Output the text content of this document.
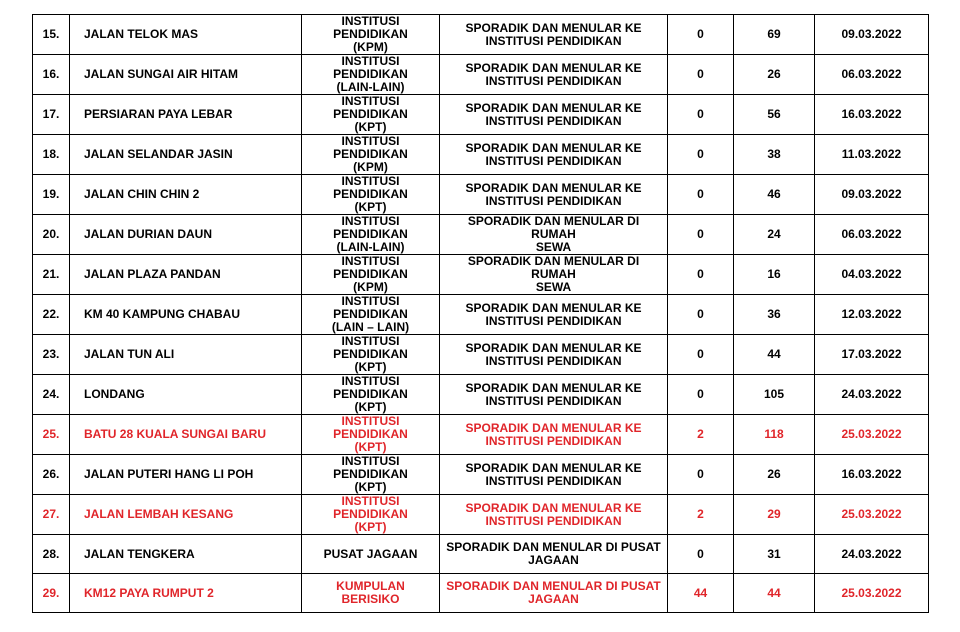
15.	JALAN TELOK MAS	INSTITUSI PENDIDIKAN
(KPM)	SPORADIK DAN MENULAR KE
INSTITUSI PENDIDIKAN	0	69	09.03.2022
16.	JALAN SUNGAI AIR HITAM	INSTITUSI PENDIDIKAN
(LAIN-LAIN)	SPORADIK DAN MENULAR KE
INSTITUSI PENDIDIKAN	0	26	06.03.2022
17.	PERSIARAN PAYA LEBAR	INSTITUSI PENDIDIKAN
(KPT)	SPORADIK DAN MENULAR KE
INSTITUSI PENDIDIKAN	0	56	16.03.2022
18.	JALAN SELANDAR JASIN	INSTITUSI PENDIDIKAN
(KPM)	SPORADIK DAN MENULAR KE
INSTITUSI PENDIDIKAN	0	38	11.03.2022
19.	JALAN CHIN CHIN 2	INSTITUSI PENDIDIKAN
(KPT)	SPORADIK DAN MENULAR KE
INSTITUSI PENDIDIKAN	0	46	09.03.2022
20.	JALAN DURIAN DAUN	INSTITUSI PENDIDIKAN
(LAIN-LAIN)	SPORADIK DAN MENULAR DI RUMAH
SEWA	0	24	06.03.2022
21.	JALAN PLAZA PANDAN	INSTITUSI PENDIDIKAN
(KPM)	SPORADIK DAN MENULAR DI RUMAH
SEWA	0	16	04.03.2022
22.	KM 40 KAMPUNG CHABAU	INSTITUSI PENDIDIKAN
(LAIN – LAIN)	SPORADIK DAN MENULAR KE
INSTITUSI PENDIDIKAN	0	36	12.03.2022
23.	JALAN TUN ALI	INSTITUSI PENDIDIKAN
(KPT)	SPORADIK DAN MENULAR KE
INSTITUSI PENDIDIKAN	0	44	17.03.2022
24.	LONDANG	INSTITUSI PENDIDIKAN
(KPT)	SPORADIK DAN MENULAR KE
INSTITUSI PENDIDIKAN	0	105	24.03.2022
25.	BATU 28 KUALA SUNGAI BARU	INSTITUSI PENDIDIKAN
(KPT)	SPORADIK DAN MENULAR KE
INSTITUSI PENDIDIKAN	2	118	25.03.2022
26.	JALAN PUTERI HANG LI POH	INSTITUSI PENDIDIKAN
(KPT)	SPORADIK DAN MENULAR KE
INSTITUSI PENDIDIKAN	0	26	16.03.2022
27.	JALAN LEMBAH KESANG	INSTITUSI PENDIDIKAN
(KPT)	SPORADIK DAN MENULAR KE
INSTITUSI PENDIDIKAN	2	29	25.03.2022
28.	JALAN TENGKERA	PUSAT JAGAAN	SPORADIK DAN MENULAR DI PUSAT
JAGAAN	0	31	24.03.2022
29.	KM12 PAYA RUMPUT 2	KUMPULAN BERISIKO	SPORADIK DAN MENULAR DI PUSAT
JAGAAN	44	44	25.03.2022
